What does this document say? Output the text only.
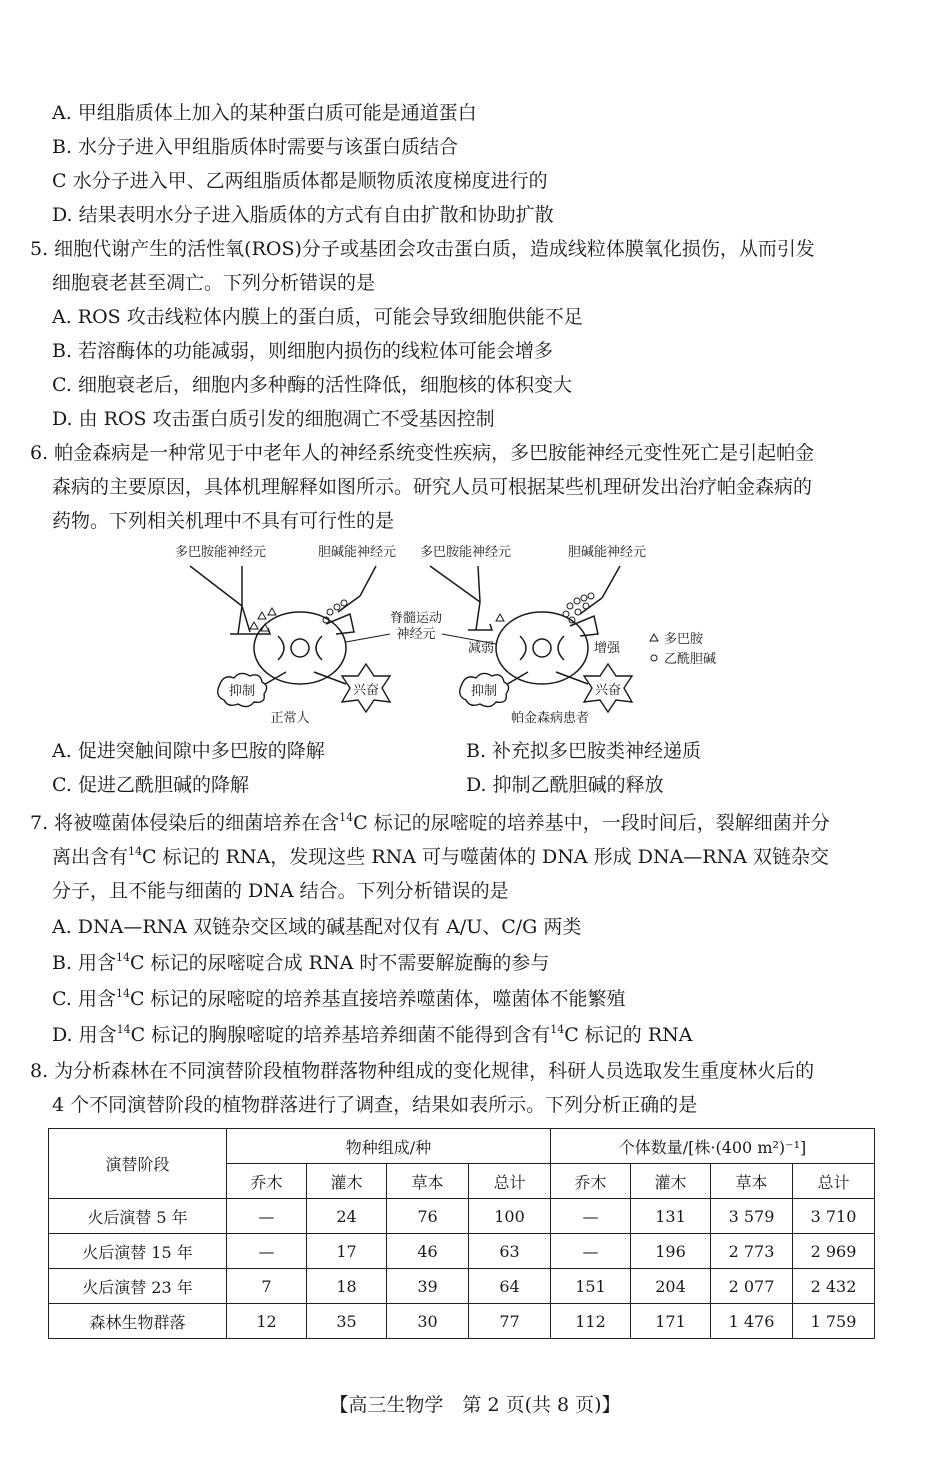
A. 甲组脂质体上加入的某种蛋白质可能是通道蛋白
B. 水分子进入甲组脂质体时需要与该蛋白质结合
C 水分子进入甲、乙两组脂质体都是顺物质浓度梯度进行的
D. 结果表明水分子进入脂质体的方式有自由扩散和协助扩散
5. 细胞代谢产生的活性氧(ROS)分子或基团会攻击蛋白质，造成线粒体膜氧化损伤，从而引发
细胞衰老甚至凋亡。下列分析错误的是
A. ROS 攻击线粒体内膜上的蛋白质，可能会导致细胞供能不足
B. 若溶酶体的功能减弱，则细胞内损伤的线粒体可能会增多
C. 细胞衰老后，细胞内多种酶的活性降低，细胞核的体积变大
D. 由 ROS 攻击蛋白质引发的细胞凋亡不受基因控制
6. 帕金森病是一种常见于中老年人的神经系统变性疾病，多巴胺能神经元变性死亡是引起帕金
森病的主要原因，具体机理解释如图所示。研究人员可根据某些机理研发出治疗帕金森病的
药物。下列相关机理中不具有可行性的是
抑制	兴奋
多巴胺能神经元	胆碱能神经元
正常人
脊髓运动
神经元
抑制	兴奋
减弱	增强
多巴胺能神经元	胆碱能神经元
帕金森病患者
多巴胺
乙酰胆碱
A. 促进突触间隙中多巴胺的降解	B. 补充拟多巴胺类神经递质
C. 促进乙酰胆碱的降解	D. 抑制乙酰胆碱的释放
7. 将被噬菌体侵染后的细菌培养在含$^{14}$C 标记的尿嘧啶的培养基中，一段时间后，裂解细菌并分
离出含有$^{14}$C 标记的 RNA，发现这些 RNA 可与噬菌体的 DNA 形成 DNA—RNA 双链杂交
分子，且不能与细菌的 DNA 结合。下列分析错误的是
A. DNA—RNA 双链杂交区域的碱基配对仅有 A/U、C/G 两类
B. 用含$^{14}$C 标记的尿嘧啶合成 RNA 时不需要解旋酶的参与
C. 用含$^{14}$C 标记的尿嘧啶的培养基直接培养噬菌体，噬菌体不能繁殖
D. 用含$^{14}$C 标记的胸腺嘧啶的培养基培养细菌不能得到含有$^{14}$C 标记的 RNA
8. 为分析森林在不同演替阶段植物群落物种组成的变化规律，科研人员选取发生重度林火后的
4 个不同演替阶段的植物群落进行了调查，结果如表所示。下列分析正确的是
演替阶段	物种组成/种				个体数量/[株·(400 m²)⁻¹]			
	乔木	灌木	草本	总计	乔木	灌木	草本	总计
火后演替 5 年	—	24	76	100	—	131	3 579	3 710
火后演替 15 年	—	17	46	63	—	196	2 773	2 969
火后演替 23 年	7	18	39	64	151	204	2 077	2 432
森林生物群落	12	35	30	77	112	171	1 476	1 759
【高三生物学　第 2 页(共 8 页)】
